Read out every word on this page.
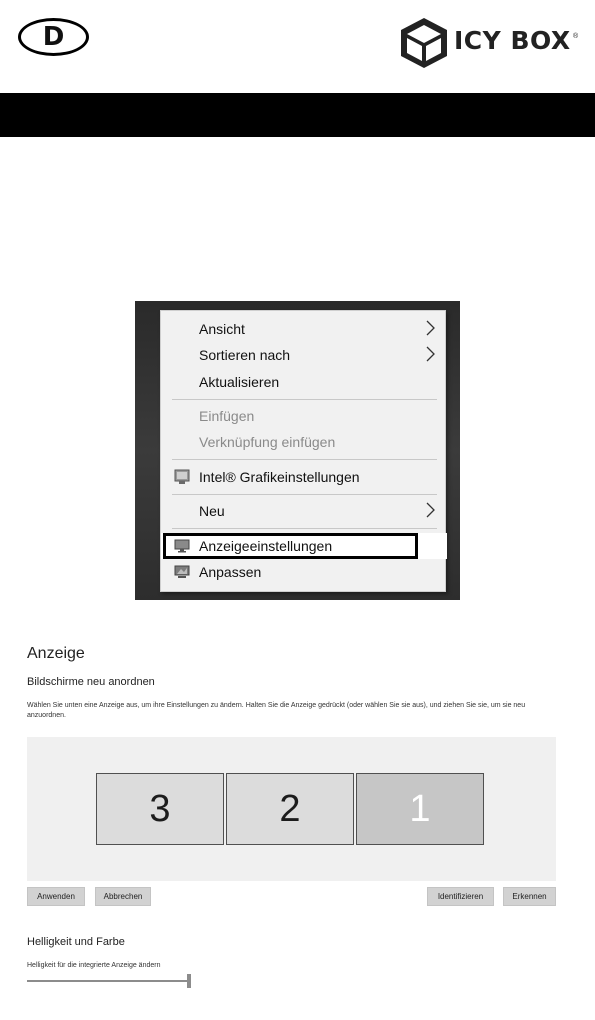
D	ICY BOX ®
Ansicht
Sortieren nach
Aktualisieren
Einfügen
Verknüpfung einfügen
Intel® Grafikeinstellungen
Neu
Anzeigeeinstellungen
Anpassen
Anzeige
Bildschirme neu anordnen
Wählen Sie unten eine Anzeige aus, um ihre Einstellungen zu ändern. Halten Sie die Anzeige gedrückt (oder wählen Sie sie aus), und ziehen Sie sie, um sie neu anzuordnen.
3	2	1
Anwenden	Abbrechen	Identifizieren	Erkennen
Helligkeit und Farbe
Helligkeit für die integrierte Anzeige ändern
